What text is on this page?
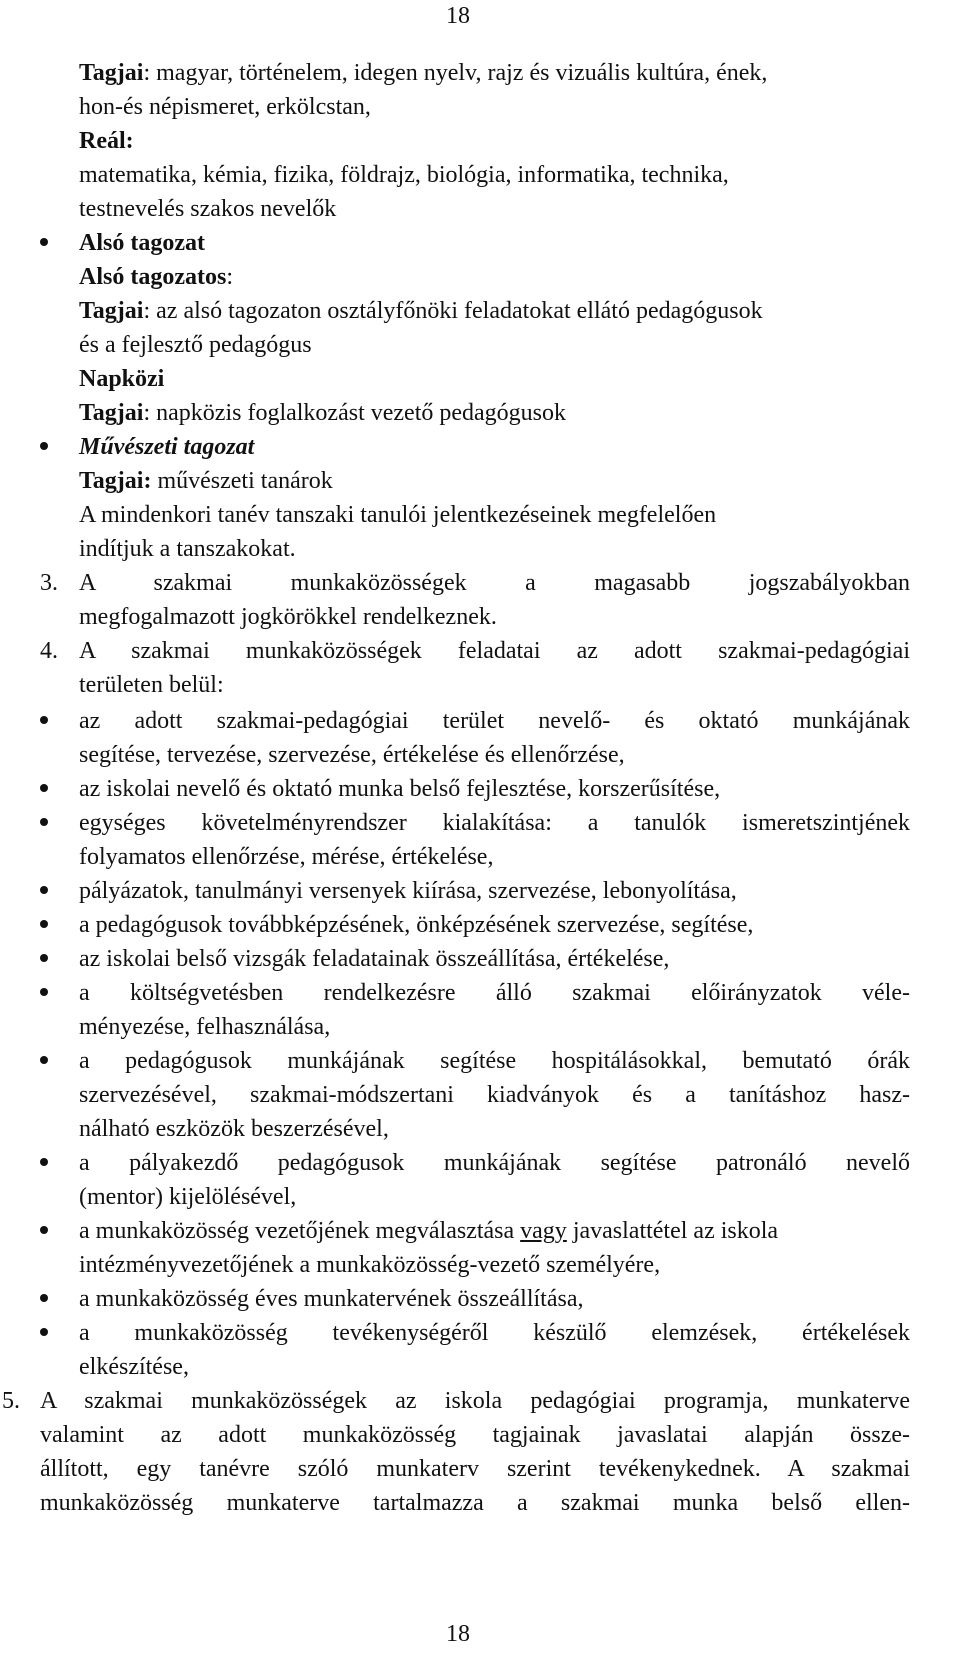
18
Tagjai: magyar, történelem, idegen nyelv, rajz és vizuális kultúra, ének,
hon-és népismeret, erkölcstan,
Reál:
matematika, kémia, fizika, földrajz, biológia, informatika, technika,
testnevelés szakos nevelők
Alsó tagozat
Alsó tagozatos:
Tagjai: az alsó tagozaton osztályfőnöki feladatokat ellátó pedagógusok
és a fejlesztő pedagógus
Napközi
Tagjai: napközis foglalkozást vezető pedagógusok
Művészeti tagozat
Tagjai: művészeti tanárok
A mindenkori tanév tanszaki tanulói jelentkezéseinek megfelelően
indítjuk a tanszakokat.
3. A szakmai munkaközösségek a magasabb jogszabályokban
megfogalmazott jogkörökkel rendelkeznek.
4. A szakmai munkaközösségek feladatai az adott szakmai-pedagógiai
területen belül:
az adott szakmai-pedagógiai terület nevelő- és oktató munkájának
segítése, tervezése, szervezése, értékelése és ellenőrzése,
az iskolai nevelő és oktató munka belső fejlesztése, korszerűsítése,
egységes követelményrendszer kialakítása: a tanulók ismeretszintjének
folyamatos ellenőrzése, mérése, értékelése,
pályázatok, tanulmányi versenyek kiírása, szervezése, lebonyolítása,
a pedagógusok továbbképzésének, önképzésének szervezése, segítése,
az iskolai belső vizsgák feladatainak összeállítása, értékelése,
a költségvetésben rendelkezésre álló szakmai előirányzatok véle-
ményezése, felhasználása,
a pedagógusok munkájának segítése hospitálásokkal, bemutató órák
szervezésével, szakmai-módszertani kiadványok és a tanításhoz hasz-
nálható eszközök beszerzésével,
a pályakezdő pedagógusok munkájának segítése patronáló nevelő
(mentor) kijelölésével,
a munkaközösség vezetőjének megválasztása vagy javaslattétel az iskola
intézményvezetőjének a munkaközösség-vezető személyére,
a munkaközösség éves munkatervének összeállítása,
a munkaközösség tevékenységéről készülő elemzések, értékelések
elkészítése,
5. A szakmai munkaközösségek az iskola pedagógiai programja, munkaterve
valamint az adott munkaközösség tagjainak javaslatai alapján össze-
állított, egy tanévre szóló munkaterv szerint tevékenykednek. A szakmai
munkaközösség munkaterve tartalmazza a szakmai munka belső ellen-
18
